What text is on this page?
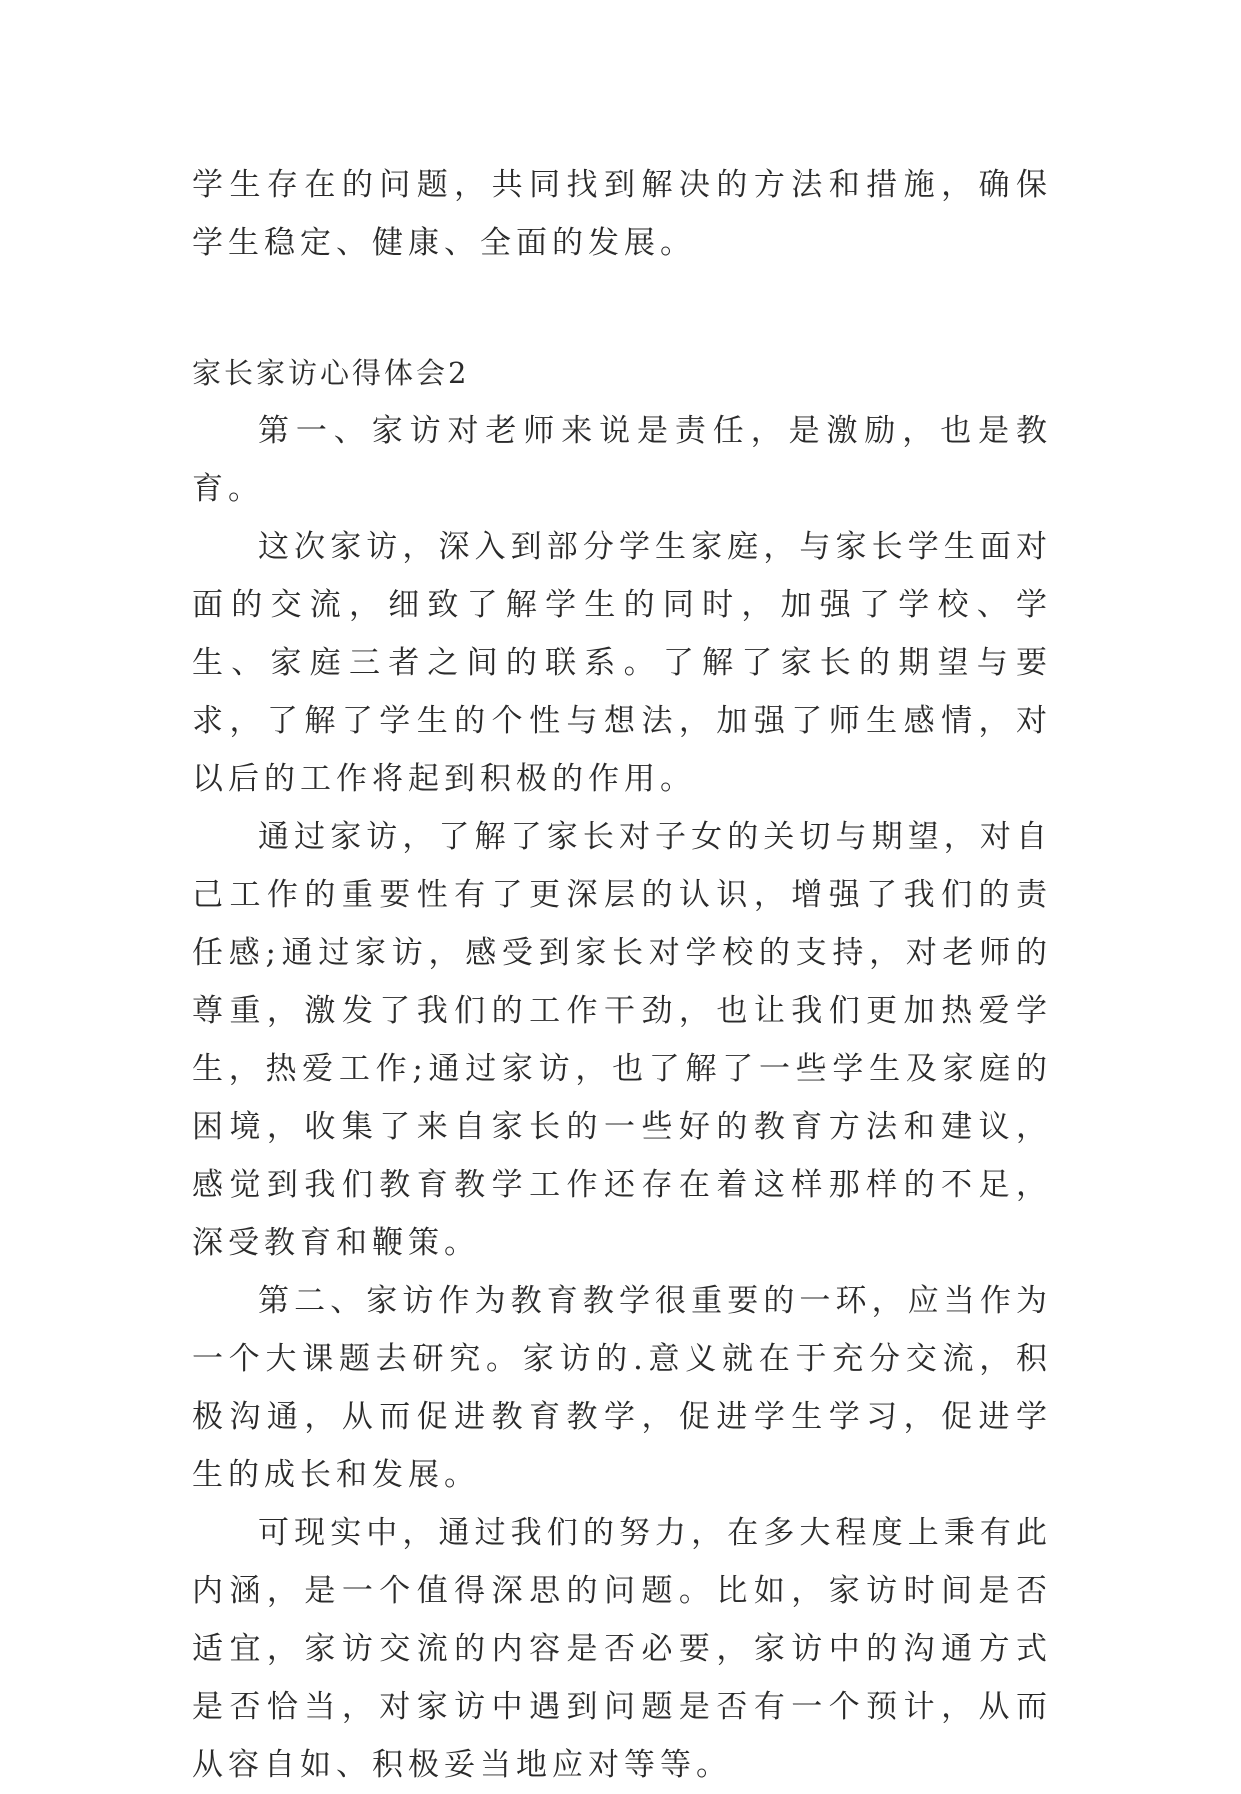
学生存在的问题，共同找到解决的方法和措施，确保学生稳定、健康、全面的发展。

家长家访心得体会2

第一、家访对老师来说是责任，是激励，也是教育。

这次家访，深入到部分学生家庭，与家长学生面对面的交流，细致了解学生的同时，加强了学校、学生、家庭三者之间的联系。了解了家长的期望与要求，了解了学生的个性与想法，加强了师生感情，对以后的工作将起到积极的作用。

通过家访，了解了家长对子女的关切与期望，对自己工作的重要性有了更深层的认识，增强了我们的责任感;通过家访，感受到家长对学校的支持，对老师的尊重，激发了我们的工作干劲，也让我们更加热爱学生，热爱工作;通过家访，也了解了一些学生及家庭的困境，收集了来自家长的一些好的教育方法和建议，感觉到我们教育教学工作还存在着这样那样的不足，深受教育和鞭策。

第二、家访作为教育教学很重要的一环，应当作为一个大课题去研究。家访的.意义就在于充分交流，积极沟通，从而促进教育教学，促进学生学习，促进学生的成长和发展。

可现实中，通过我们的努力，在多大程度上秉有此内涵，是一个值得深思的问题。比如，家访时间是否适宜，家访交流的内容是否必要，家访中的沟通方式是否恰当，对家访中遇到问题是否有一个预计，从而从容自如、积极妥当地应对等等。
